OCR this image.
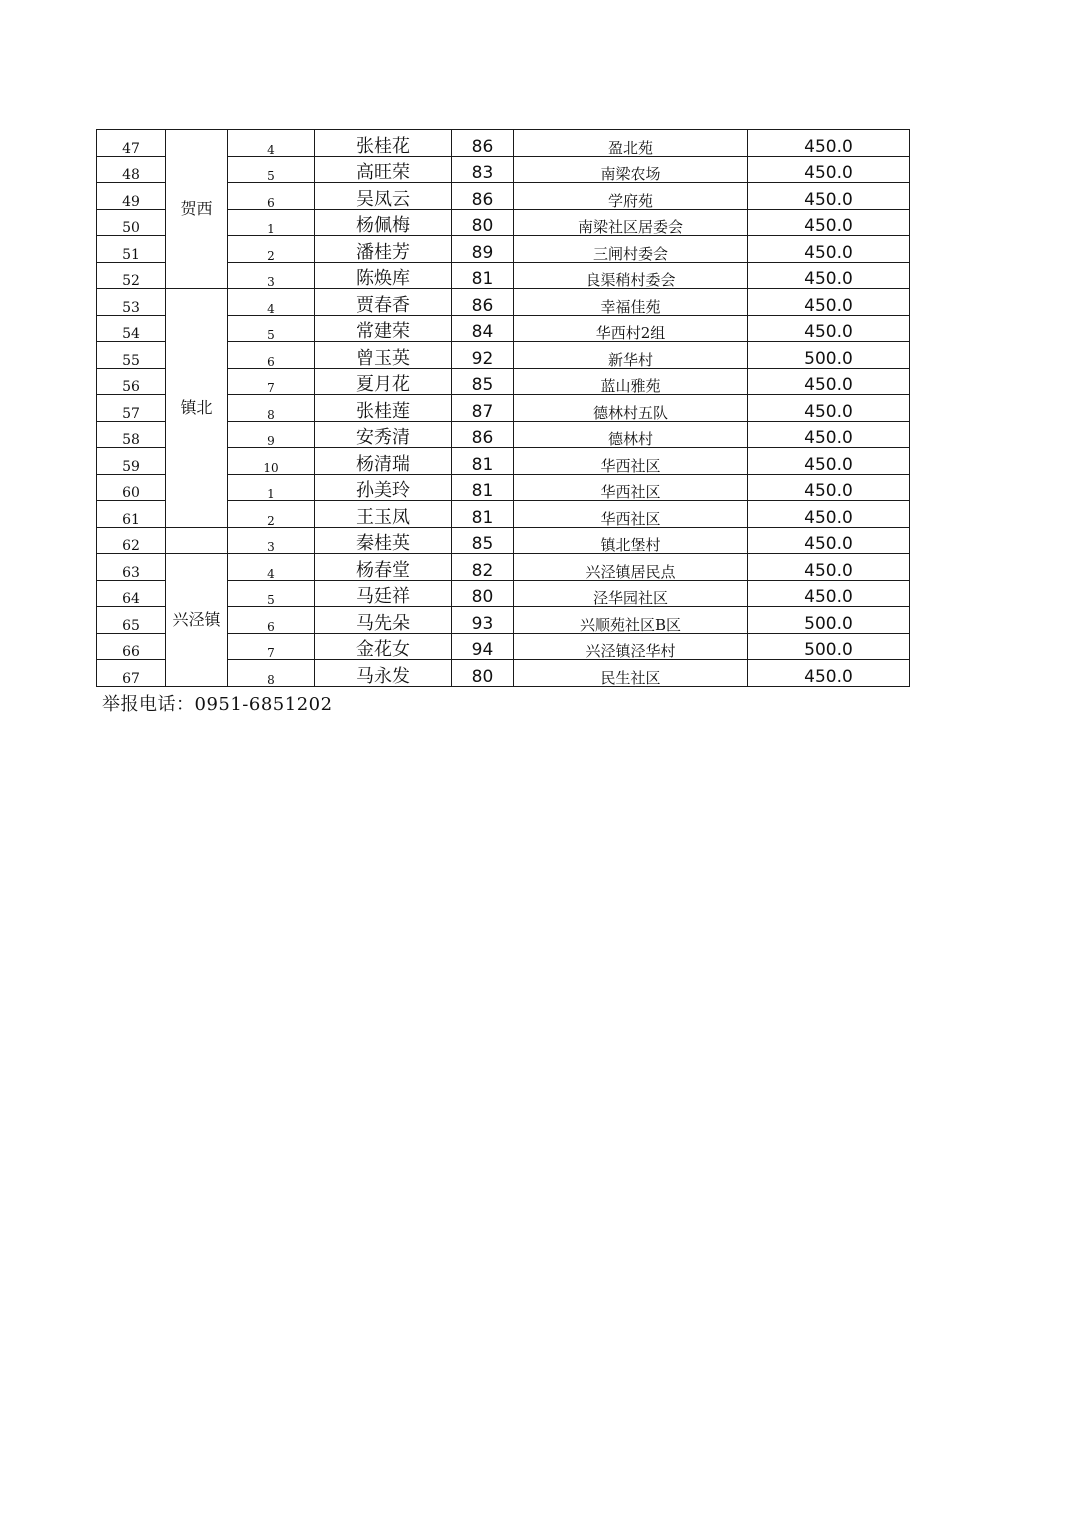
47	贺西	4	张桂花	86	盈北苑	450.0
48		5	高旺荣	83	南梁农场	450.0
49		6	吴凤云	86	学府苑	450.0
50		1	杨佩梅	80	南梁社区居委会	450.0
51		2	潘桂芳	89	三闸村委会	450.0
52		3	陈焕库	81	良渠稍村委会	450.0
53	镇北	4	贾春香	86	幸福佳苑	450.0
54		5	常建荣	84	华西村2组	450.0
55		6	曾玉英	92	新华村	500.0
56		7	夏月花	85	蓝山雅苑	450.0
57		8	张桂莲	87	德林村五队	450.0
58		9	安秀清	86	德林村	450.0
59		10	杨清瑞	81	华西社区	450.0
60		1	孙美玲	81	华西社区	450.0
61		2	王玉凤	81	华西社区	450.0
62		3	秦桂英	85	镇北堡村	450.0
63	兴泾镇	4	杨春堂	82	兴泾镇居民点	450.0
64		5	马廷祥	80	泾华园社区	450.0
65		6	马先朵	93	兴顺苑社区B区	500.0
66		7	金花女	94	兴泾镇泾华村	500.0
67		8	马永发	80	民生社区	450.0
举报电话：0951-6851202
